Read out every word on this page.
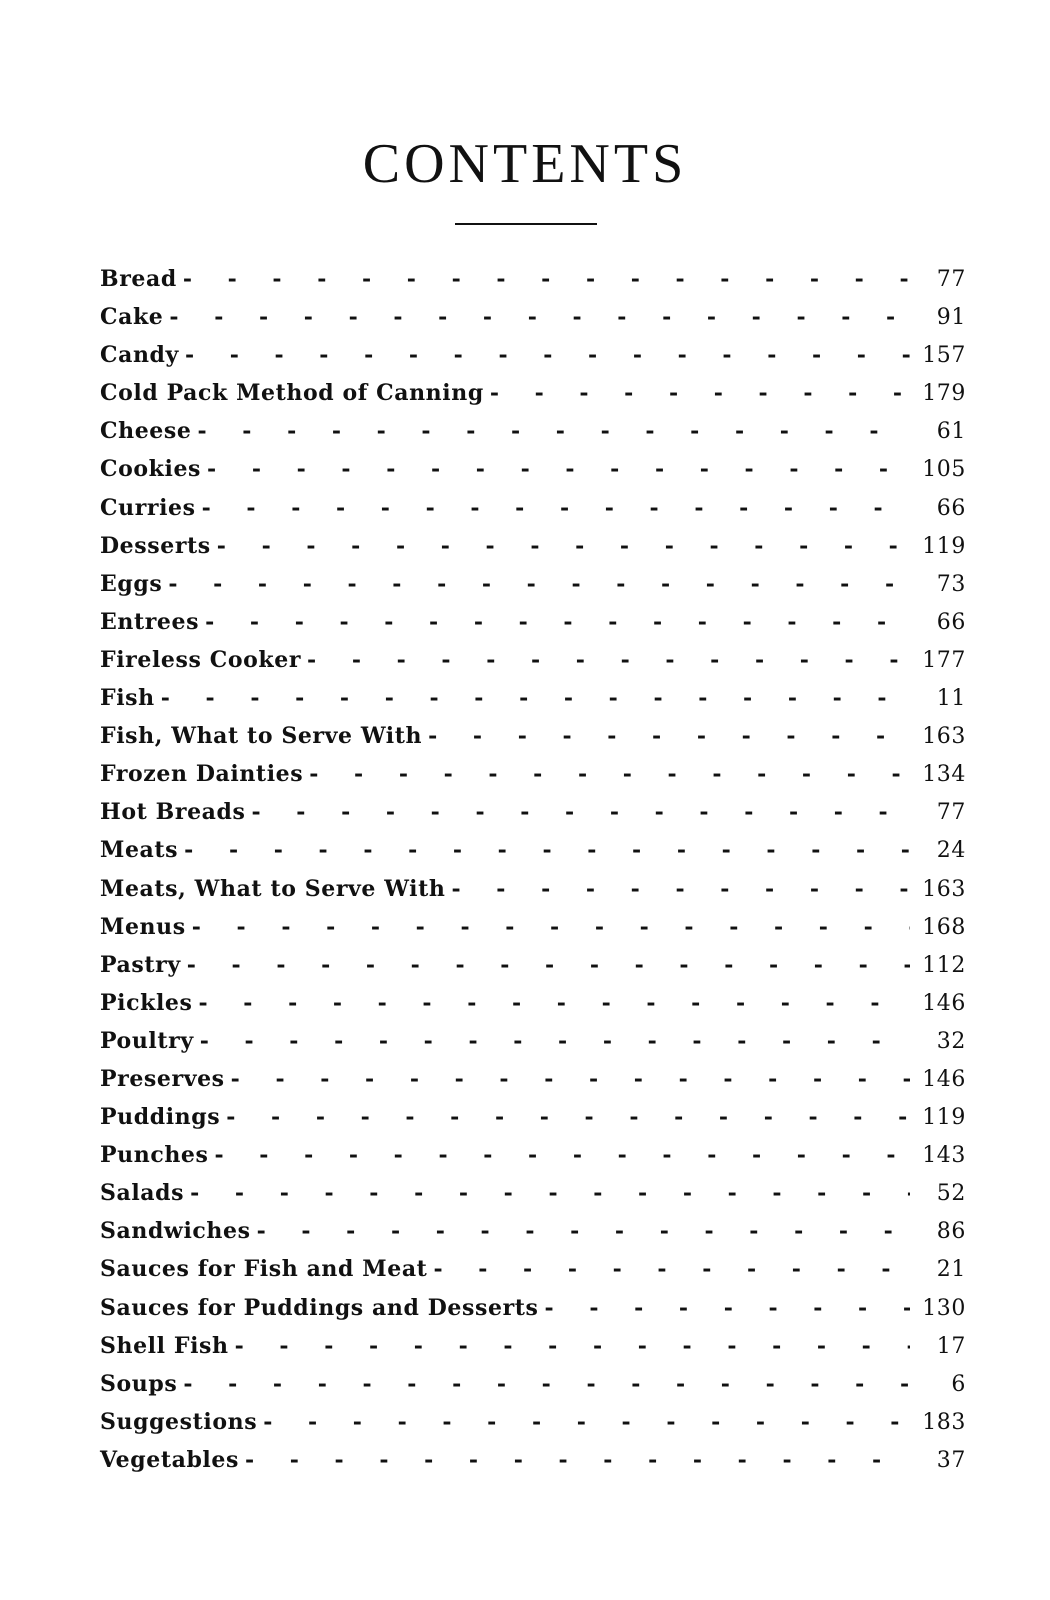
CONTENTS
Bread - - -	77
Cake - - -	91
Candy - - -	157
Cold Pack Method of Canning - - -	179
Cheese - - -	61
Cookies - - -	105
Curries - - -	66
Desserts - - -	119
Eggs - - -	73
Entrees - - -	66
Fireless Cooker - - -	177
Fish - - -	11
Fish, What to Serve With - - -	163
Frozen Dainties - - -	134
Hot Breads - - -	77
Meats - - -	24
Meats, What to Serve With - - -	163
Menus - - -	168
Pastry - - -	112
Pickles - - -	146
Poultry - - -	32
Preserves - - -	146
Puddings - - -	119
Punches - - -	143
Salads - - -	52
Sandwiches - - -	86
Sauces for Fish and Meat - - -	21
Sauces for Puddings and Desserts - - -	130
Shell Fish - - -	17
Soups - - -	6
Suggestions - - -	183
Vegetables - - -	37
